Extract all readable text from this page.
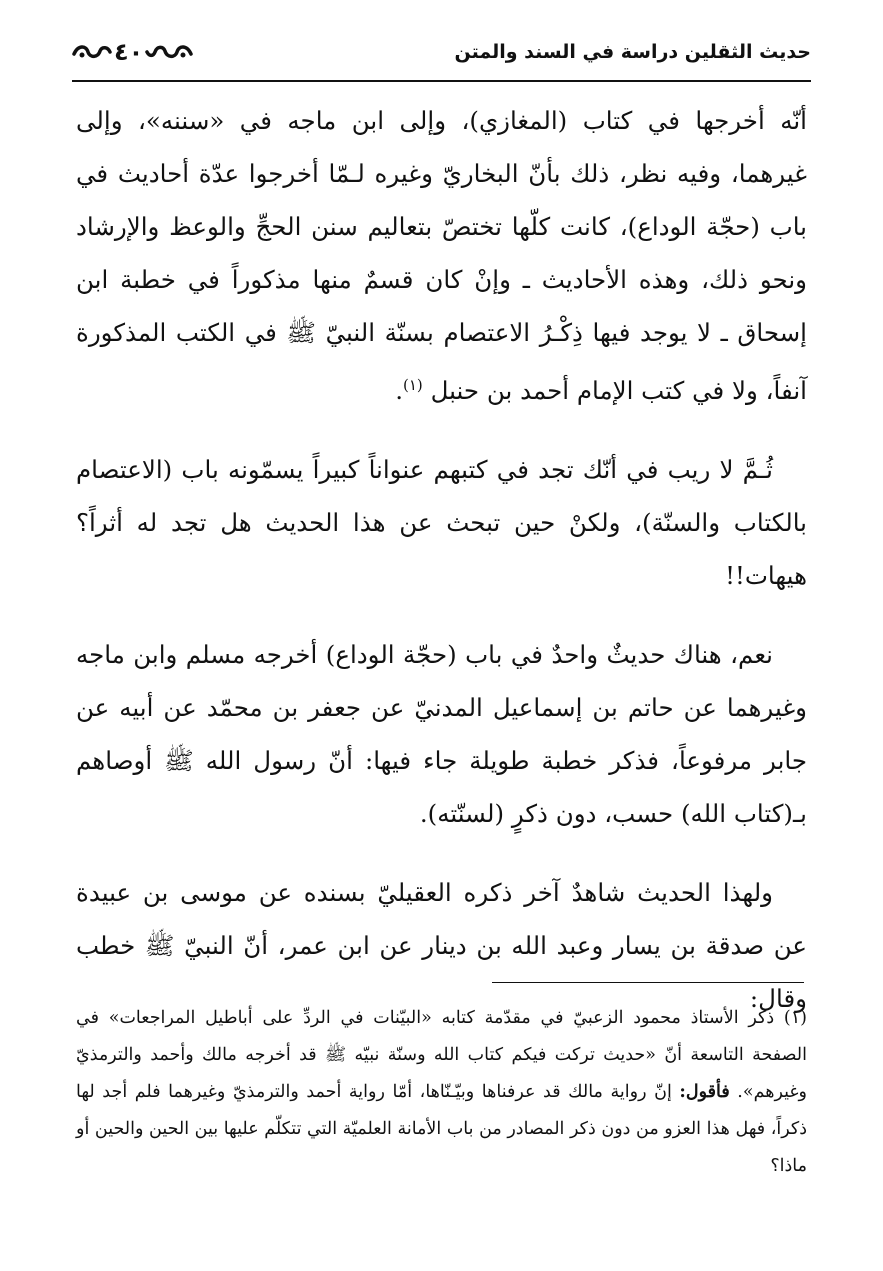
حديث الثقلين دراسة في السند والمتن
٤٠

أنّه أخرجها في كتاب (المغازي)، وإلى ابن ماجه في «سننه»، وإلى غيرهما، وفيه نظر، ذلك بأنّ البخاريّ وغيره لـمّا أخرجوا عدّة أحاديث في باب (حجّة الوداع)، كانت كلّها تختصّ بتعاليم سنن الحجِّ والوعظ والإرشاد ونحو ذلك، وهذه الأحاديث ـ وإنْ كان قسمٌ منها مذكوراً في خطبة ابن إسحاق ـ لا يوجد فيها ذِكْـرُ الاعتصام بسنّة النبيّ ﷺ في الكتب المذكورة آنفاً، ولا في كتب الإمام أحمد بن حنبل $^{(١)}$.

ثُـمَّ لا ريب في أنّك تجد في كتبهم عنواناً كبيراً يسمّونه باب (الاعتصام بالكتاب والسنّة)، ولكنْ حين تبحث عن هذا الحديث هل تجد له أثراً؟ هيهات!!

نعم، هناك حديثٌ واحدٌ في باب (حجّة الوداع) أخرجه مسلم وابن ماجه وغيرهما عن حاتم بن إسماعيل المدنيّ عن جعفر بن محمّد عن أبيه عن جابر مرفوعاً، فذكر خطبة طويلة جاء فيها: أنّ رسول الله ﷺ أوصاهم بـ(كتاب الله) حسب، دون ذكرٍ (لسنّته).

ولهذا الحديث شاهدٌ آخر ذكره العقيليّ بسنده عن موسى بن عبيدة عن صدقة بن يسار وعبد الله بن دينار عن ابن عمر، أنّ النبيّ ﷺ خطب وقال:

(١) ذكر الأستاذ محمود الزعبيّ في مقدّمة كتابه «البيّنات في الردِّ على أباطيل المراجعات» في الصفحة التاسعة أنّ «حديث تركت فيكم كتاب الله وسنّة نبيّه ﷺ قد أخرجه مالك وأحمد والترمذيّ وغيرهم». فأقول: إنّ رواية مالك قد عرفناها وبيّـنّاها، أمّا رواية أحمد والترمذيّ وغيرهما فلم أجد لها ذكراً، فهل هذا العزو من دون ذكر المصادر من باب الأمانة العلميّة التي تتكلّم عليها بين الحين والحين أو ماذا؟
